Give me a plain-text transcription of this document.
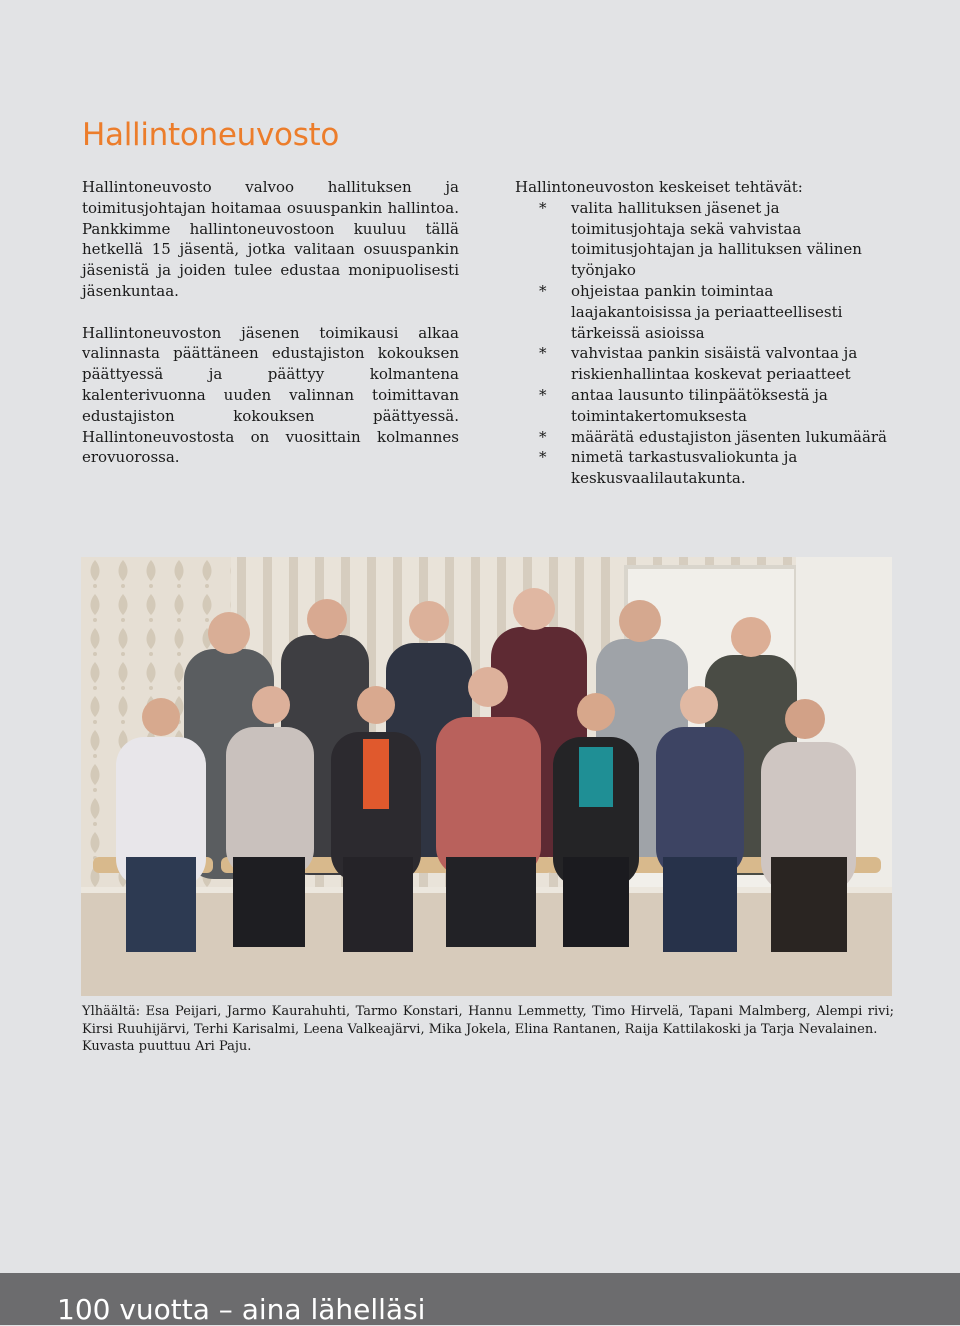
Hallintoneuvosto

Hallintoneuvosto valvoo hallituksen ja toimitusjohtajan hoitamaa osuuspankin hallintoa. Pankkimme hallintoneuvostoon kuuluu tällä hetkellä 15 jäsentä, jotka valitaan osuuspankin jäsenistä ja joiden tulee edustaa monipuolisesti jäsenkuntaa.

Hallintoneuvoston jäsenen toimikausi alkaa valinnasta päättäneen edustajiston kokouksen päättyessä ja päättyy kolmantena kalenterivuonna uuden valinnan toimittavan edustajiston kokouksen päättyessä. Hallintoneuvostosta on vuosittain kolmannes erovuorossa.

Hallintoneuvoston keskeiset tehtävät:

* valita hallituksen jäsenet ja toimitusjohtaja sekä vahvistaa toimitusjohtajan ja hallituksen välinen työnjako
* ohjeistaa pankin toimintaa laajakantoisissa ja periaatteellisesti tärkeissä asioissa
* vahvistaa pankin sisäistä valvontaa ja riskienhallintaa koskevat periaatteet
* antaa lausunto tilinpäätöksestä ja toimintakertomuksesta
* määrätä edustajiston jäsenten lukumäärä
* nimetä tarkastusvaliokunta ja keskusvaalilautakunta.

Ylhäältä: Esa Peijari, Jarmo Kaurahuhti, Tarmo Konstari, Hannu Lemmetty, Timo Hirvelä, Tapani Malmberg, Alempi rivi; Kirsi Ruuhijärvi, Terhi Karisalmi, Leena Valkeajärvi, Mika Jokela, Elina Rantanen, Raija Kattilakoski ja Tarja Nevalainen.

Kuvasta puuttuu Ari Paju.

100 vuotta – aina lähelläsi
